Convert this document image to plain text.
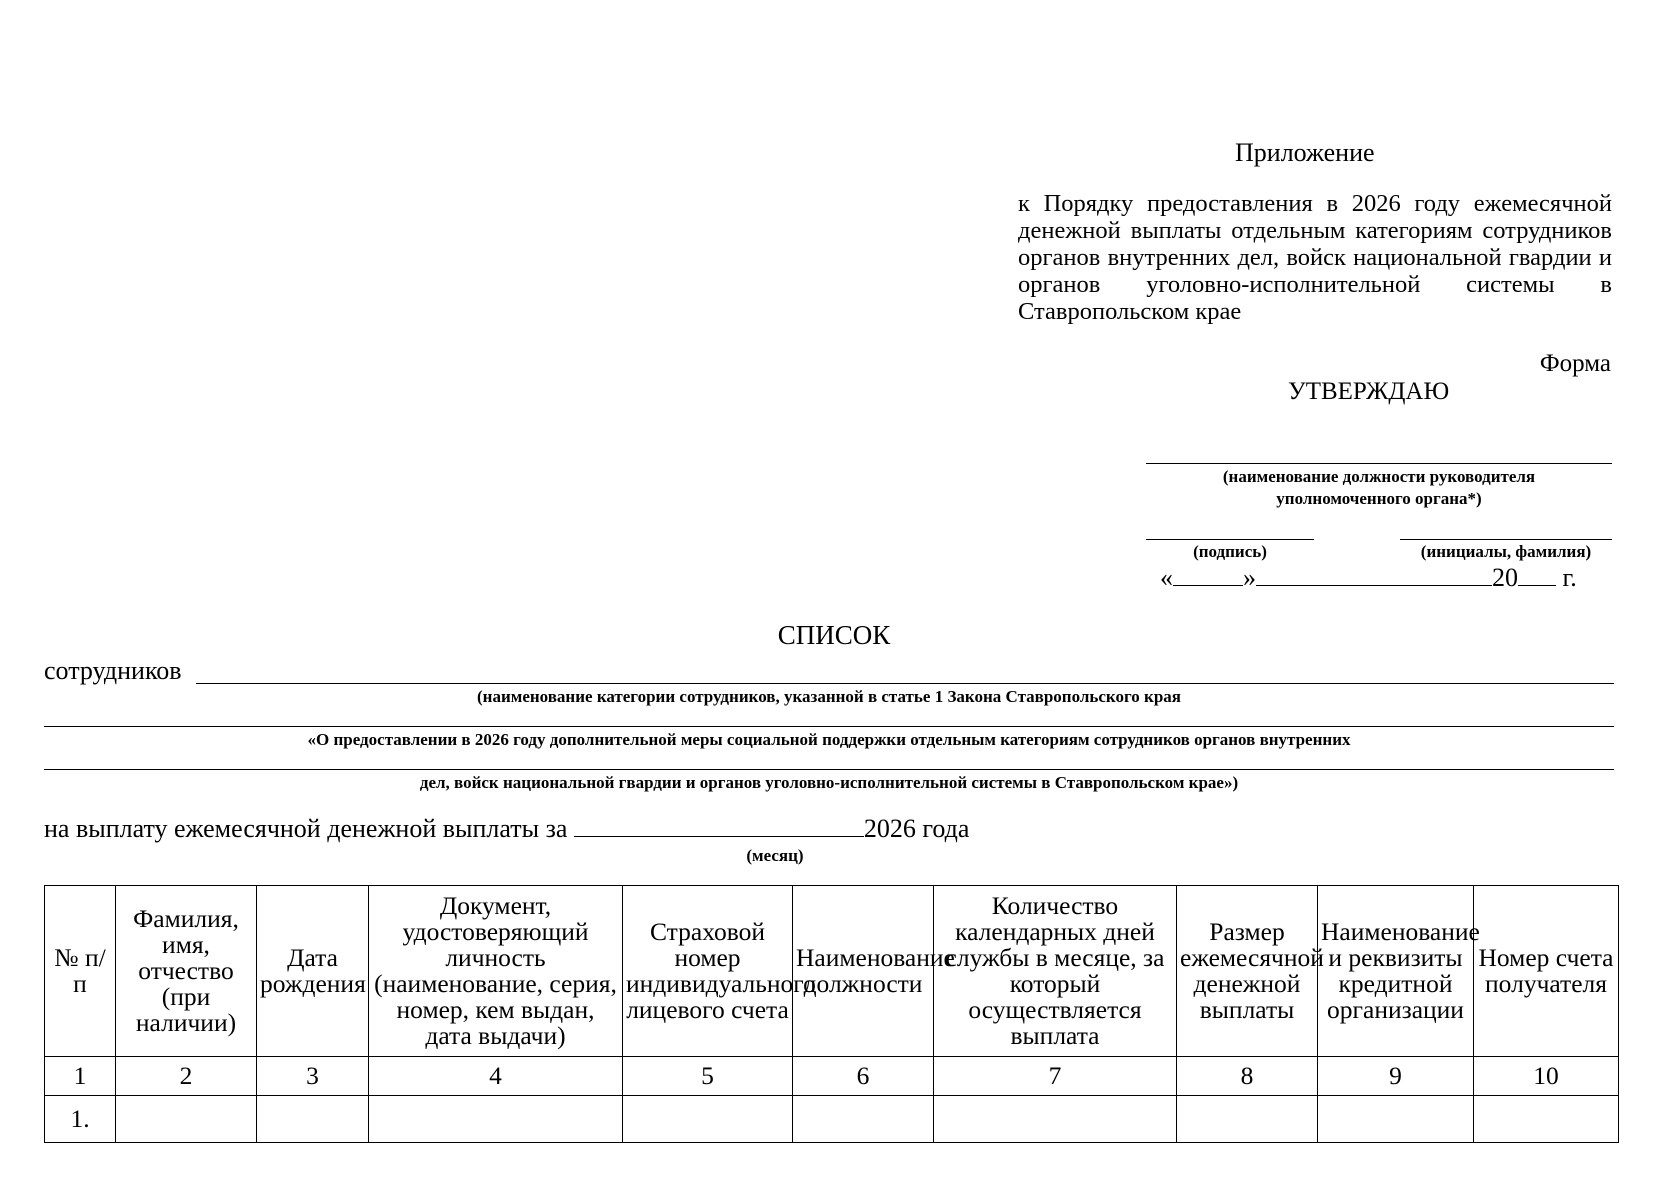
Приложение
к Порядку предоставления в 2026 году ежемесячной денежной выплаты отдельным категориям сотрудников органов внутренних дел, войск национальной гвардии и органов уголовно-исполнительной системы в Ставропольском крае
Форма
УТВЕРЖДАЮ
(наименование должности руководителя
уполномоченного органа*)
(подпись)	(инициалы, фамилия)
«	»	20 г.
СПИСОК
сотрудников
(наименование категории сотрудников, указанной в статье 1 Закона Ставропольского края
«О предоставлении в 2026 году дополнительной меры социальной поддержки отдельным категориям сотрудников органов внутренних
дел, войск национальной гвардии и органов уголовно-исполнительной системы в Ставропольском крае»)
на выплату ежемесячной денежной выплаты за	2026 года
(месяц)
№ п/п	Фамилия, имя, отчество (при наличии)	Дата рождения	Документ, удостоверяющий личность (наименование, серия, номер, кем выдан, дата выдачи)	Страховой номер индивидуального лицевого счета	Наименование должности	Количество календарных дней службы в месяце, за который осуществляется выплата	Размер ежемесячной денежной выплаты	Наименование и реквизиты кредитной организации	Номер счета получателя
1	2	3	4	5	6	7	8	9	10
1.									
